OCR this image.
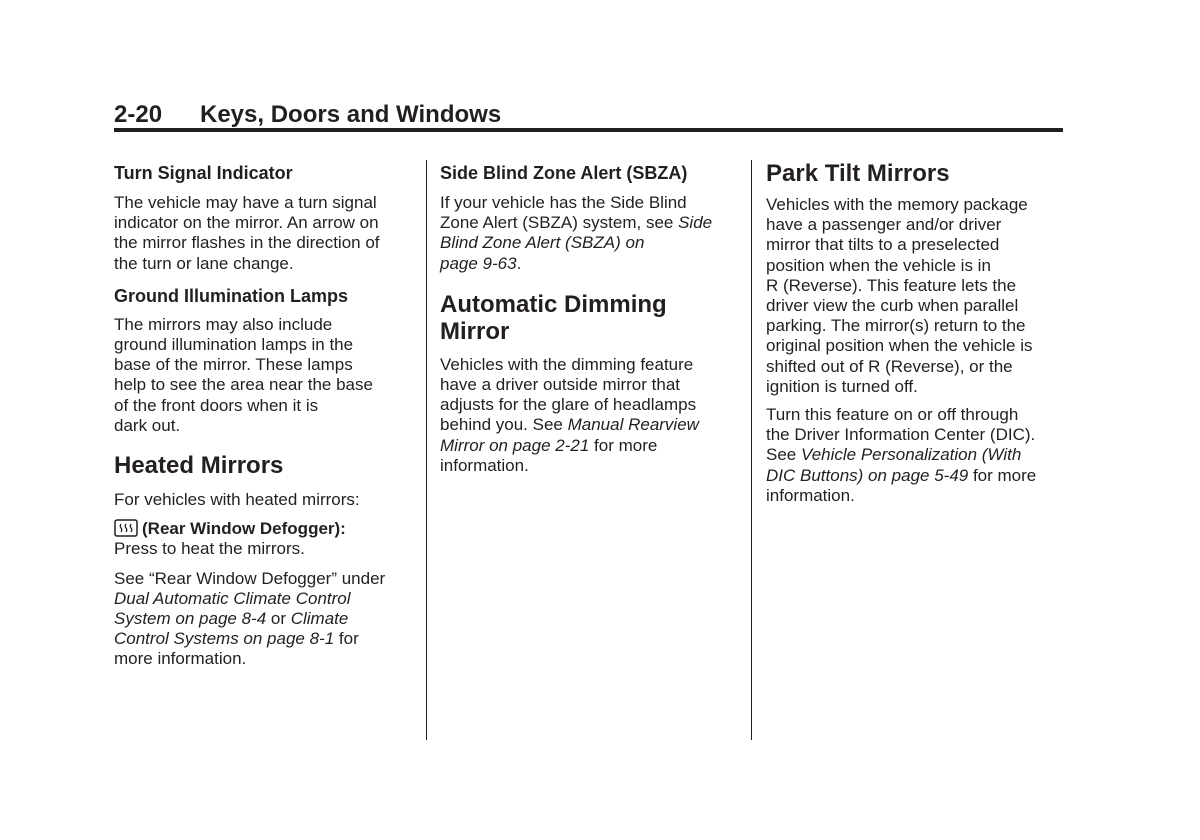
2-20 Keys, Doors and Windows
Turn Signal Indicator

The vehicle may have a turn signal
indicator on the mirror. An arrow on
the mirror flashes in the direction of
the turn or lane change.

Ground Illumination Lamps

The mirrors may also include
ground illumination lamps in the
base of the mirror. These lamps
help to see the area near the base
of the front doors when it is
dark out.

Heated Mirrors

For vehicles with heated mirrors:

(Rear Window Defogger):
Press to heat the mirrors.

See “Rear Window Defogger” under
Dual Automatic Climate Control
System on page 8-4 or Climate
Control Systems on page 8-1 for
more information.

Side Blind Zone Alert (SBZA)

If your vehicle has the Side Blind
Zone Alert (SBZA) system, see Side
Blind Zone Alert (SBZA) on
page 9-63.

Automatic Dimming
Mirror

Vehicles with the dimming feature
have a driver outside mirror that
adjusts for the glare of headlamps
behind you. See Manual Rearview
Mirror on page 2-21 for more
information.

Park Tilt Mirrors

Vehicles with the memory package
have a passenger and/or driver
mirror that tilts to a preselected
position when the vehicle is in
R (Reverse). This feature lets the
driver view the curb when parallel
parking. The mirror(s) return to the
original position when the vehicle is
shifted out of R (Reverse), or the
ignition is turned off.

Turn this feature on or off through
the Driver Information Center (DIC).
See Vehicle Personalization (With
DIC Buttons) on page 5-49 for more
information.
